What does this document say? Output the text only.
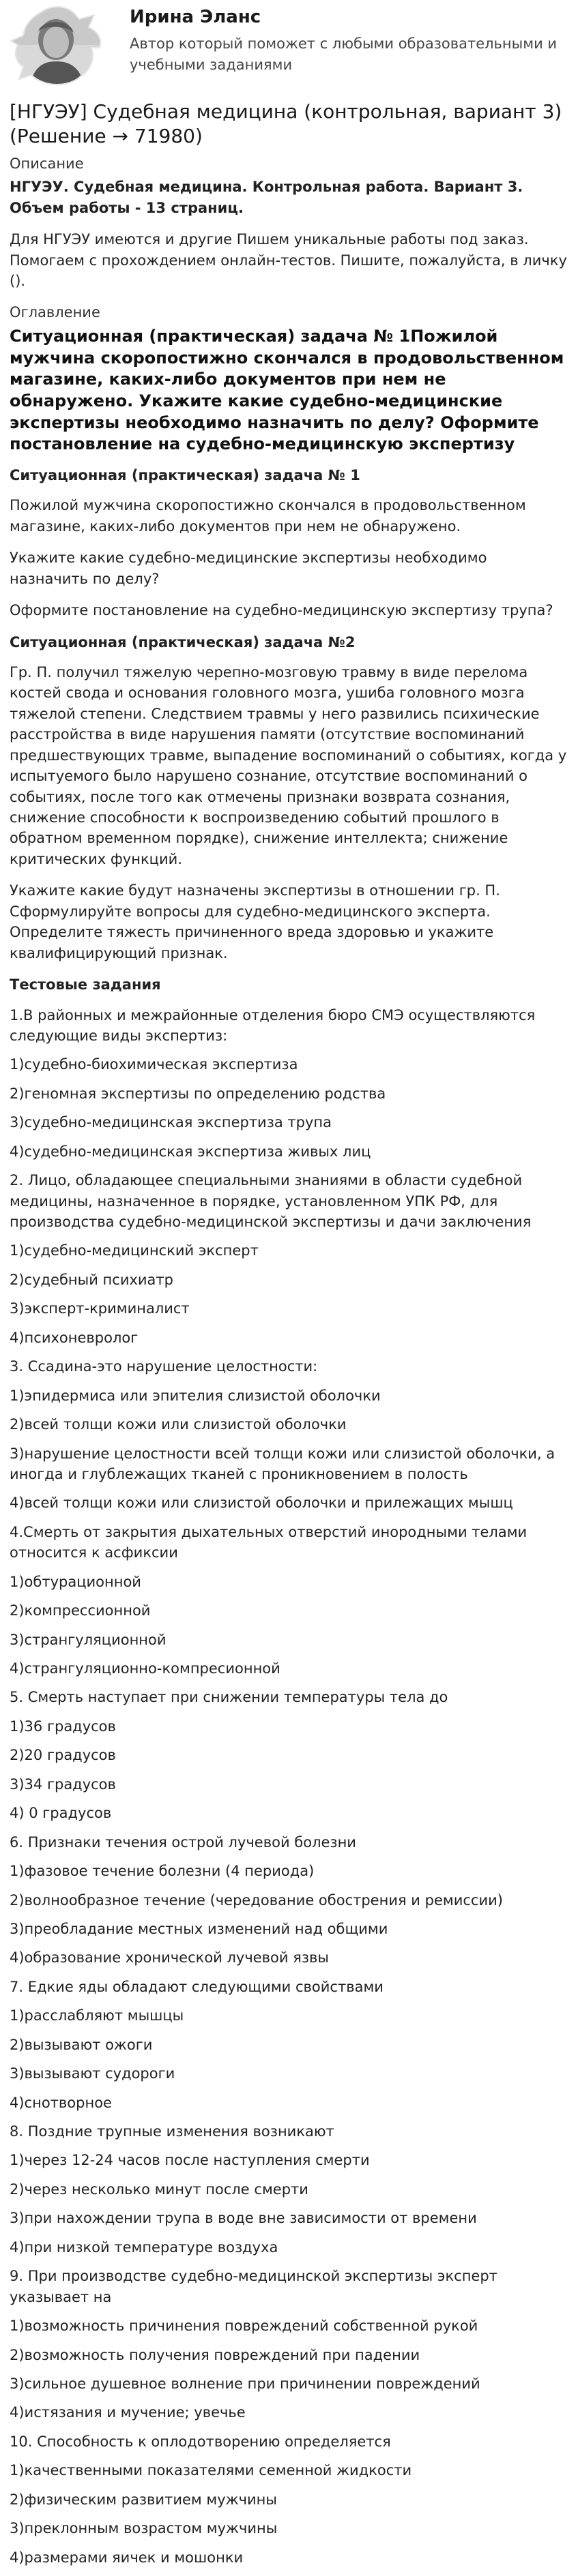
Ирина Эланс
Автор который поможет с любыми образовательными и учебными заданиями
[НГУЭУ] Судебная медицина (контрольная, вариант 3) (Решение → 71980)
Описание
НГУЭУ. Судебная медицина. Контрольная работа. Вариант 3. Объем работы - 13 страниц.

Для НГУЭУ имеются и другие Пишем уникальные работы под заказ. Помогаем с прохождением онлайн-тестов. Пишите, пожалуйста, в личку ().

Оглавление
Ситуационная (практическая) задача № 1Пожилой мужчина скоропостижно скончался в продовольственном магазине, каких-либо документов при нем не обнаружено. Укажите какие судебно-медицинские экспертизы необходимо назначить по делу? Оформите постановление на судебно-медицинскую экспертизу
Ситуационная (практическая) задача № 1

Пожилой мужчина скоропостижно скончался в продовольственном магазине, каких-либо документов при нем не обнаружено.

Укажите какие судебно-медицинские экспертизы необходимо назначить по делу?

Оформите постановление на судебно-медицинскую экспертизу трупа?

Ситуационная (практическая) задача №2

Гр. П. получил тяжелую черепно-мозговую травму в виде перелома костей свода и основания головного мозга, ушиба головного мозга тяжелой степени. Следствием травмы у него развились психические расстройства в виде нарушения памяти (отсутствие воспоминаний предшествующих травме, выпадение воспоминаний о событиях, когда у испытуемого было нарушено сознание, отсутствие воспоминаний о событиях, после того как отмечены признаки возврата сознания, снижение способности к воспроизведению событий прошлого в обратном временном порядке), снижение интеллекта; снижение критических функций.

Укажите какие будут назначены экспертизы в отношении гр. П. Сформулируйте вопросы для судебно-медицинского эксперта. Определите тяжесть причиненного вреда здоровью и укажите квалифицирующий признак.

Тестовые задания
1.В районных и межрайонные отделения бюро СМЭ осуществляются следующие виды экспертиз:
1)судебно-биохимическая экспертиза
2)геномная экспертизы по определению родства
3)судебно-медицинская экспертиза трупа
4)судебно-медицинская экспертиза живых лиц
2. Лицо, обладающее специальными знаниями в области судебной медицины, назначенное в порядке, установленном УПК РФ, для производства судебно-медицинской экспертизы и дачи заключения
1)судебно-медицинский эксперт
2)судебный психиатр
3)эксперт-криминалист
4)психоневролог
3. Ссадина-это нарушение целостности:
1)эпидермиса или эпителия слизистой оболочки
2)всей толщи кожи или слизистой оболочки
3)нарушение целостности всей толщи кожи или слизистой оболочки, а иногда и глублежащих тканей с проникновением в полость
4)всей толщи кожи или слизистой оболочки и прилежащих мышц
4.Смерть от закрытия дыхательных отверстий инородными телами относится к асфиксии
1)обтурационной
2)компрессионной
3)странгуляционной
4)странгуляционно-компресионной
5. Смерть наступает при снижении температуры тела до
1)36 градусов
2)20 градусов
3)34 градусов
4) 0 градусов
6. Признаки течения острой лучевой болезни
1)фазовое течение болезни (4 периода)
2)волнообразное течение (чередование обострения и ремиссии)
3)преобладание местных изменений над общими
4)образование хронической лучевой язвы
7. Едкие яды обладают следующими свойствами
1)расслабляют мышцы
2)вызывают ожоги
3)вызывают судороги
4)снотворное
8. Поздние трупные изменения возникают
1)через 12-24 часов после наступления смерти
2)через несколько минут после смерти
3)при нахождении трупа в воде вне зависимости от времени
4)при низкой температуре воздуха
9. При производстве судебно-медицинской экспертизы эксперт указывает на
1)возможность причинения повреждений собственной рукой
2)возможность получения повреждений при падении
3)сильное душевное волнение при причинении повреждений
4)истязания и мучение; увечье
10. Способность к оплодотворению определяется
1)качественными показателями семенной жидкости
2)физическим развитием мужчины
3)преклонным возрастом мужчины
4)размерами яичек и мошонки
